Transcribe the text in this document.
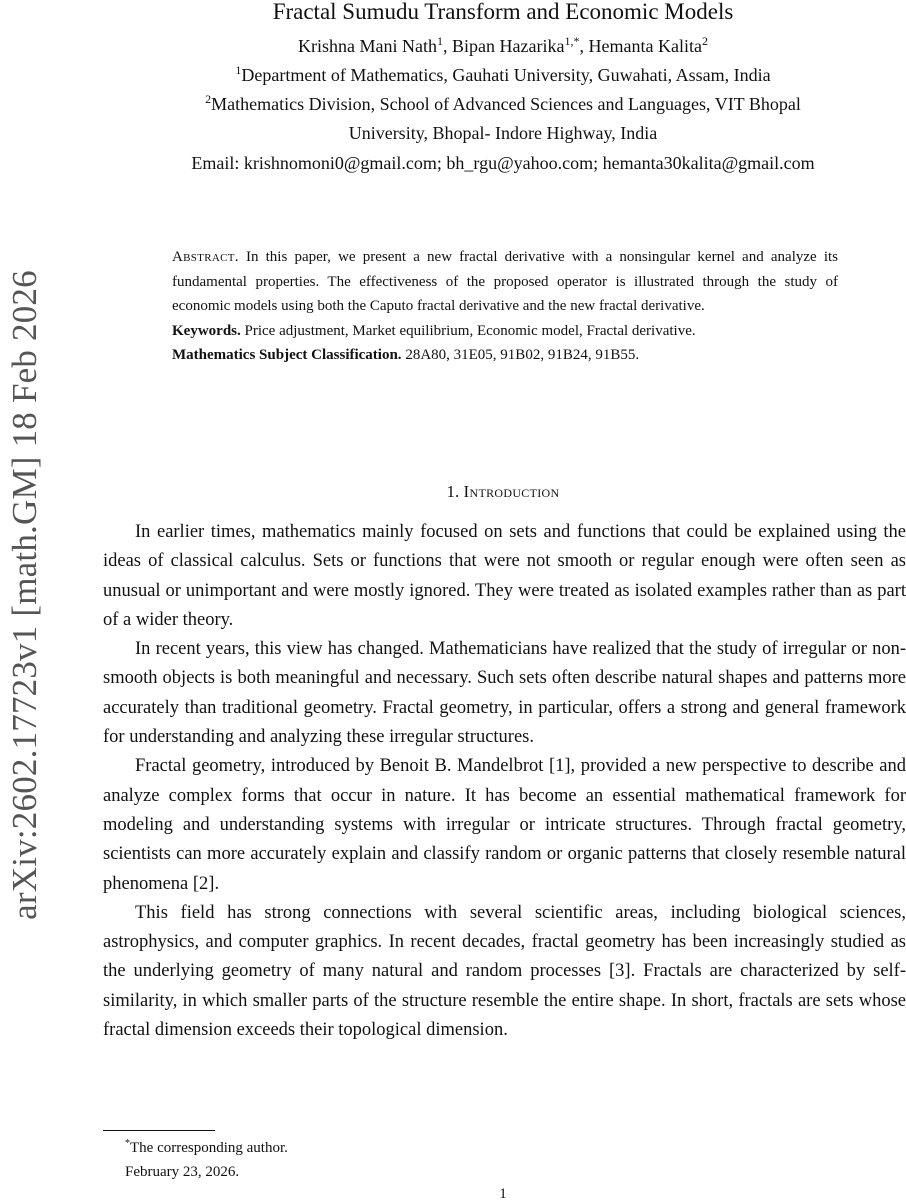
arXiv:2602.17723v1 [math.GM] 18 Feb 2026
Fractal Sumudu Transform and Economic Models
Krishna Mani Nath$^1$, Bipan Hazarika$^{1,*}$, Hemanta Kalita$^2$
$^1$Department of Mathematics, Gauhati University, Guwahati, Assam, India
$^2$Mathematics Division, School of Advanced Sciences and Languages, VIT Bhopal
University, Bhopal- Indore Highway, India
Email: krishnomoni0@gmail.com; bh_rgu@yahoo.com; hemanta30kalita@gmail.com

Abstract. In this paper, we present a new fractal derivative with a nonsingular kernel and analyze its fundamental properties. The effectiveness of the proposed operator is illustrated through the study of economic models using both the Caputo fractal derivative and the new fractal derivative.

Keywords. Price adjustment, Market equilibrium, Economic model, Fractal derivative.

Mathematics Subject Classification. 28A80, 31E05, 91B02, 91B24, 91B55.

1. Introduction

In earlier times, mathematics mainly focused on sets and functions that could be explained using the ideas of classical calculus. Sets or functions that were not smooth or regular enough were often seen as unusual or unimportant and were mostly ignored. They were treated as isolated examples rather than as part of a wider theory.

In recent years, this view has changed. Mathematicians have realized that the study of irregular or non-smooth objects is both meaningful and necessary. Such sets often describe natural shapes and patterns more accurately than traditional geometry. Fractal geometry, in particular, offers a strong and general framework for understanding and analyzing these irregular structures.

Fractal geometry, introduced by Benoit B. Mandelbrot [1], provided a new perspective to describe and analyze complex forms that occur in nature. It has become an essential mathematical framework for modeling and understanding systems with irregular or intricate structures. Through fractal geometry, scientists can more accurately explain and classify random or organic patterns that closely resemble natural phenomena [2].

This field has strong connections with several scientific areas, including biological sciences, astrophysics, and computer graphics. In recent decades, fractal geometry has been increasingly studied as the underlying geometry of many natural and random processes [3]. Fractals are characterized by self-similarity, in which smaller parts of the structure resemble the entire shape. In short, fractals are sets whose fractal dimension exceeds their topological dimension.

*The corresponding author.
February 23, 2026.
1
